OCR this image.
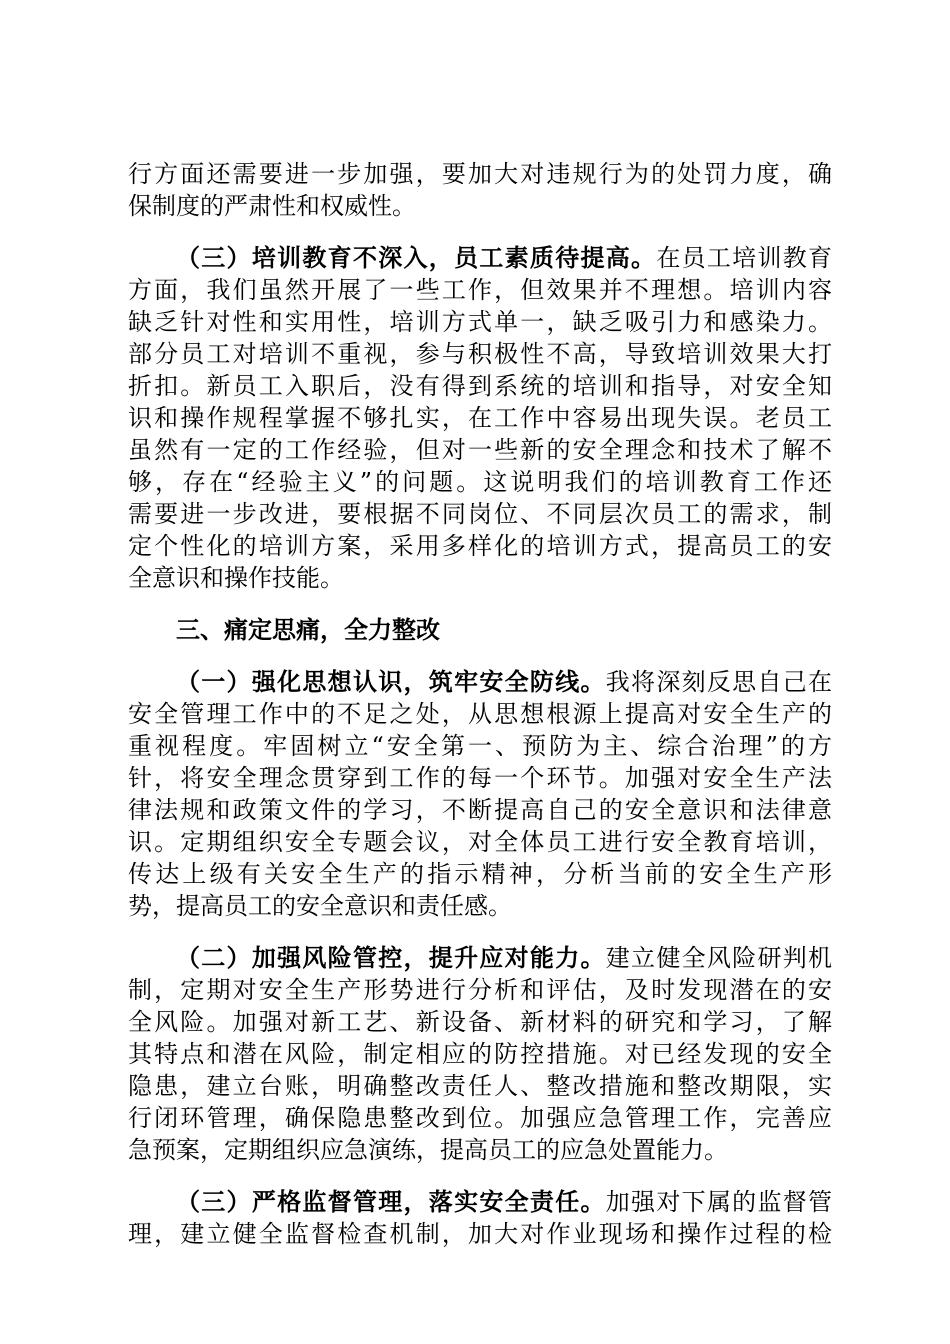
行方面还需要进一步加强，要加大对违规行为的处罚力度，确
保制度的严肃性和权威性。
（三）培训教育不深入，员工素质待提高。在员工培训教育
方面，我们虽然开展了一些工作，但效果并不理想。培训内容
缺乏针对性和实用性，培训方式单一，缺乏吸引力和感染力。
部分员工对培训不重视，参与积极性不高，导致培训效果大打
折扣。新员工入职后，没有得到系统的培训和指导，对安全知
识和操作规程掌握不够扎实，在工作中容易出现失误。老员工
虽然有一定的工作经验，但对一些新的安全理念和技术了解不
够，存在“经验主义”的问题。这说明我们的培训教育工作还
需要进一步改进，要根据不同岗位、不同层次员工的需求，制
定个性化的培训方案，采用多样化的培训方式，提高员工的安
全意识和操作技能。
三、痛定思痛，全力整改
（一）强化思想认识，筑牢安全防线。我将深刻反思自己在
安全管理工作中的不足之处，从思想根源上提高对安全生产的
重视程度。牢固树立“安全第一、预防为主、综合治理”的方
针，将安全理念贯穿到工作的每一个环节。加强对安全生产法
律法规和政策文件的学习，不断提高自己的安全意识和法律意
识。定期组织安全专题会议，对全体员工进行安全教育培训，
传达上级有关安全生产的指示精神，分析当前的安全生产形
势，提高员工的安全意识和责任感。
（二）加强风险管控，提升应对能力。建立健全风险研判机
制，定期对安全生产形势进行分析和评估，及时发现潜在的安
全风险。加强对新工艺、新设备、新材料的研究和学习，了解
其特点和潜在风险，制定相应的防控措施。对已经发现的安全
隐患，建立台账，明确整改责任人、整改措施和整改期限，实
行闭环管理，确保隐患整改到位。加强应急管理工作，完善应
急预案，定期组织应急演练，提高员工的应急处置能力。
（三）严格监督管理，落实安全责任。加强对下属的监督管
理，建立健全监督检查机制，加大对作业现场和操作过程的检
